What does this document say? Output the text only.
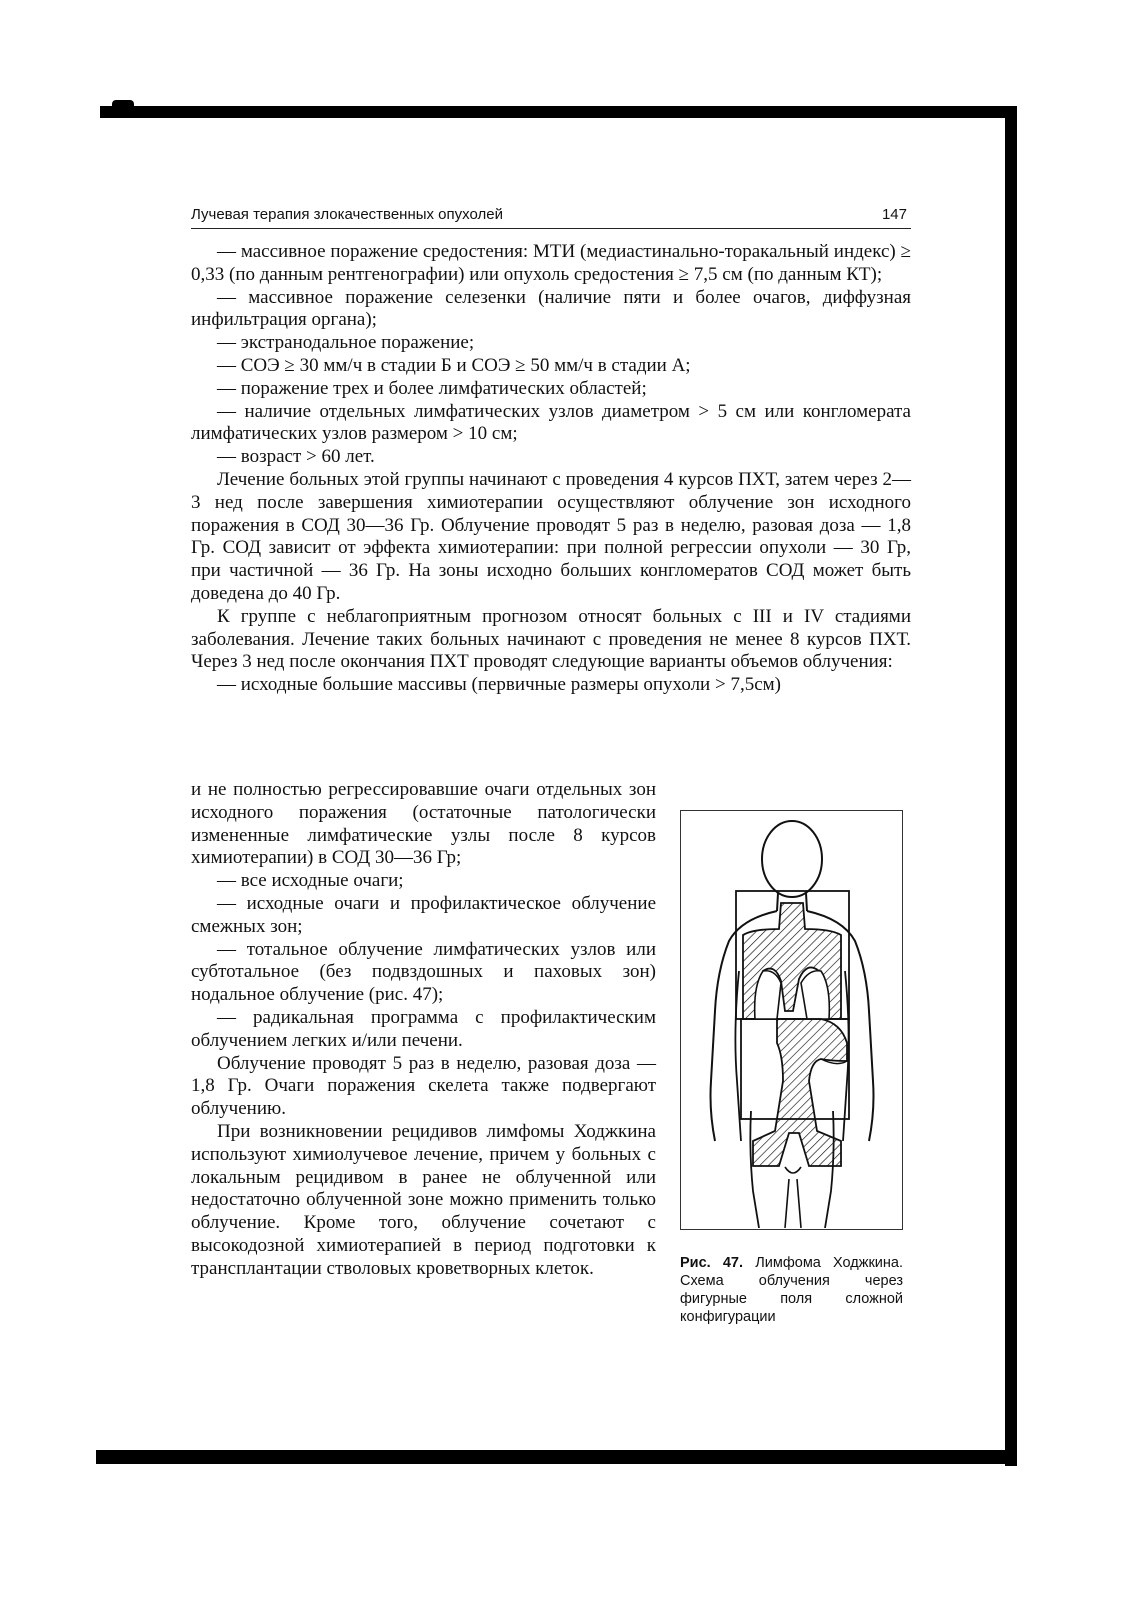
Лучевая терапия злокачественных опухолей	147

— массивное поражение средостения: МТИ (медиастинально-торакальный индекс) ≥ 0,33 (по данным рентгенографии) или опухоль средостения ≥ 7,5 см (по данным КТ);

— массивное поражение селезенки (наличие пяти и более очагов, диффузная инфильтрация органа);

— экстранодальное поражение;

— СОЭ ≥ 30 мм/ч в стадии Б и СОЭ ≥ 50 мм/ч в стадии А;

— поражение трех и более лимфатических областей;

— наличие отдельных лимфатических узлов диаметром > 5 см или конгломерата лимфатических узлов размером > 10 см;

— возраст > 60 лет.

Лечение больных этой группы начинают с проведения 4 курсов ПХТ, затем через 2—3 нед после завершения химиотерапии осуществляют облучение зон исходного поражения в СОД 30—36 Гр. Облучение проводят 5 раз в неделю, разовая доза — 1,8 Гр. СОД зависит от эффекта химиотерапии: при полной регрессии опухоли — 30 Гр, при частичной — 36 Гр. На зоны исходно больших конгломератов СОД может быть доведена до 40 Гр.

К группе с неблагоприятным прогнозом относят больных с III и IV стадиями заболевания. Лечение таких больных начинают с проведения не менее 8 курсов ПХТ. Через 3 нед после окончания ПХТ проводят следующие варианты объемов облучения:

— исходные большие массивы (первичные размеры опухоли > 7,5см)

и не полностью регрессировавшие очаги отдельных зон исходного поражения (остаточные патологически измененные лимфатические узлы после 8 курсов химиотерапии) в СОД 30—36 Гр;

— все исходные очаги;

— исходные очаги и профилактическое облучение смежных зон;

— тотальное облучение лимфатических узлов или субтотальное (без подвздошных и паховых зон) нодальное облучение (рис. 47);

— радикальная программа с профилактическим облучением легких и/или печени.

Облучение проводят 5 раз в неделю, разовая доза — 1,8 Гр. Очаги поражения скелета также подвергают облучению.

При возникновении рецидивов лимфомы Ходжкина используют химиолучевое лечение, причем у больных с локальным рецидивом в ранее не облученной или недостаточно облученной зоне можно применить только облучение. Кроме того, облучение сочетают с высокодозной химиотерапией в период подготовки к трансплантации стволовых кроветворных клеток.	Рис. 47. Лимфома Ходжкина. Схема облучения через фигурные поля сложной конфигурации
